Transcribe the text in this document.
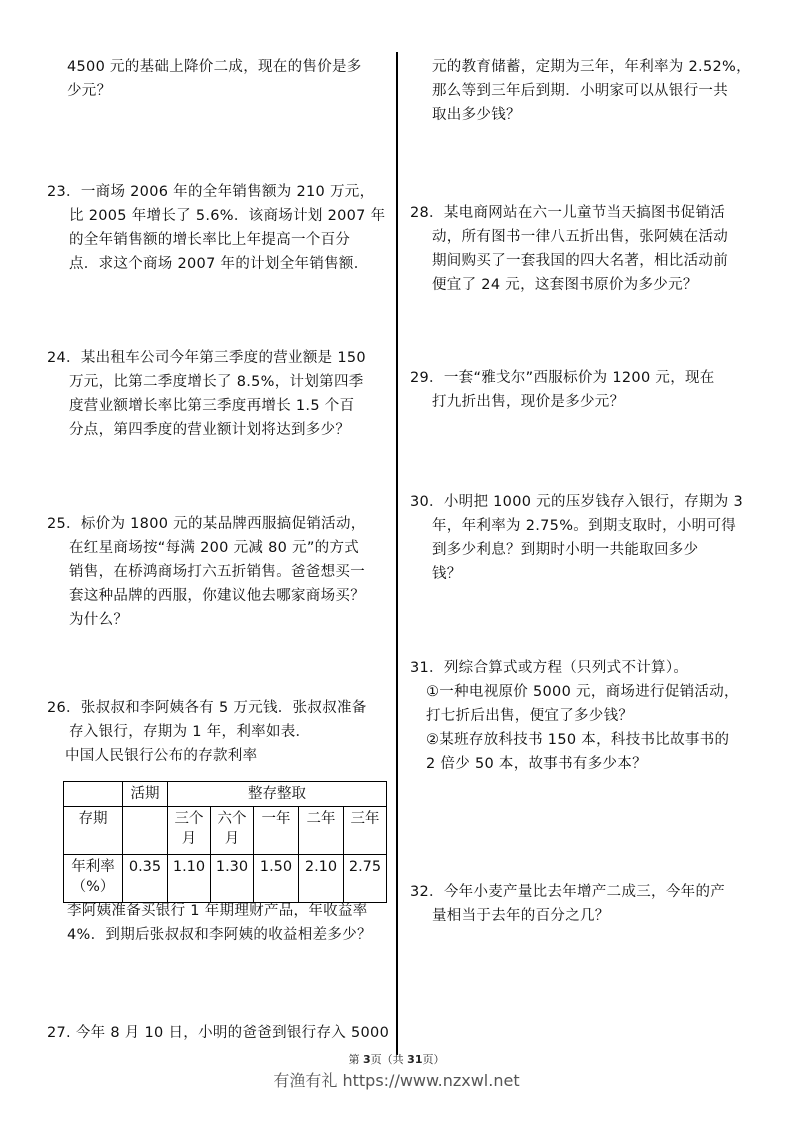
4500 元的基础上降价二成，现在的售价是多
少元？
23．一商场 2006 年的全年销售额为 210 万元，
比 2005 年增长了 5.6%．该商场计划 2007 年
的全年销售额的增长率比上年提高一个百分
点．求这个商场 2007 年的计划全年销售额．
24．某出租车公司今年第三季度的营业额是 150
万元，比第二季度增长了 8.5%，计划第四季
度营业额增长率比第三季度再增长 1.5 个百
分点，第四季度的营业额计划将达到多少？
25．标价为 1800 元的某品牌西服搞促销活动，
在红星商场按“每满 200 元减 80 元”的方式
销售，在桥鸿商场打六五折销售。爸爸想买一
套这种品牌的西服，你建议他去哪家商场买？
为什么？
26．张叔叔和李阿姨各有 5 万元钱．张叔叔准备
存入银行，存期为 1 年，利率如表．
中国人民银行公布的存款利率
	活期	整存整取				
存期		三个月	六个月	一年	二年	三年
年利率（%）	0.35	1.10	1.30	1.50	2.10	2.75
李阿姨准备买银行 1 年期理财产品，年收益率
4%．到期后张叔叔和李阿姨的收益相差多少？
27. 今年 8 月 10 日，小明的爸爸到银行存入 5000
元的教育储蓄，定期为三年，年利率为 2.52%，
那么等到三年后到期．小明家可以从银行一共
取出多少钱？
28．某电商网站在六一儿童节当天搞图书促销活
动，所有图书一律八五折出售，张阿姨在活动
期间购买了一套我国的四大名著，相比活动前
便宜了 24 元，这套图书原价为多少元？
29．一套“雅戈尔”西服标价为 1200 元，现在
打九折出售，现价是多少元？
30．小明把 1000 元的压岁钱存入银行，存期为 3
年，年利率为 2.75%。到期支取时，小明可得
到多少利息？到期时小明一共能取回多少
钱？
31．列综合算式或方程（只列式不计算）。
①一种电视原价 5000 元，商场进行促销活动，
打七折后出售，便宜了多少钱？
②某班存放科技书 150 本，科技书比故事书的
2 倍少 50 本，故事书有多少本？
32．今年小麦产量比去年增产二成三，今年的产
量相当于去年的百分之几？
第 3页（共 31页）
有渔有礼 https://www.nzxwl.net
